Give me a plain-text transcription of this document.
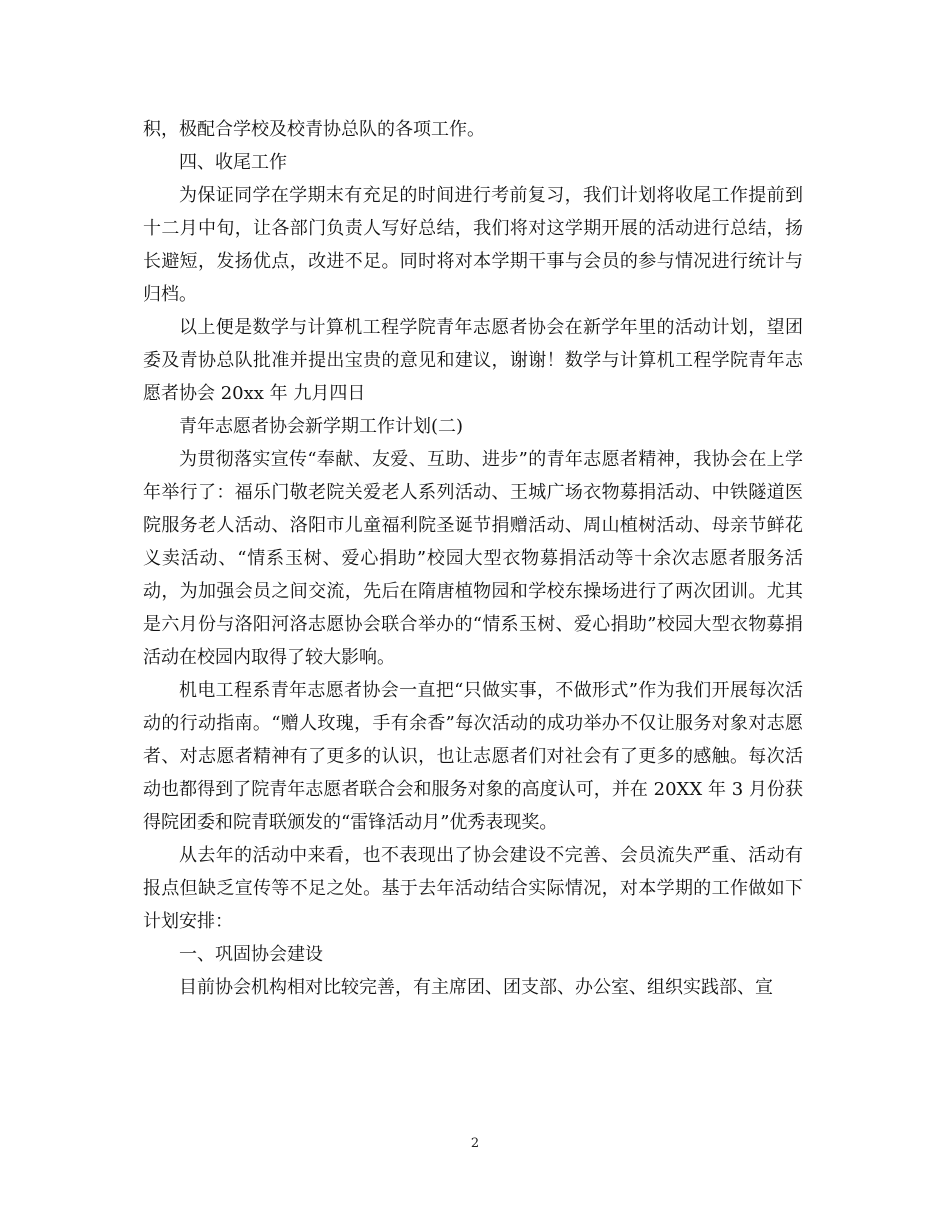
积，极配合学校及校青协总队的各项工作。

四、收尾工作

为保证同学在学期末有充足的时间进行考前复习，我们计划将收尾工作提前到十二月中旬，让各部门负责人写好总结，我们将对这学期开展的活动进行总结，扬长避短，发扬优点，改进不足。同时将对本学期干事与会员的参与情况进行统计与归档。

以上便是数学与计算机工程学院青年志愿者协会在新学年里的活动计划，望团委及青协总队批准并提出宝贵的意见和建议，谢谢！数学与计算机工程学院青年志愿者协会 20xx 年 九月四日

青年志愿者协会新学期工作计划(二)

为贯彻落实宣传“奉献、友爱、互助、进步”的青年志愿者精神，我协会在上学年举行了：福乐门敬老院关爱老人系列活动、王城广场衣物募捐活动、中铁隧道医院服务老人活动、洛阳市儿童福利院圣诞节捐赠活动、周山植树活动、母亲节鲜花义卖活动、“情系玉树、爱心捐助”校园大型衣物募捐活动等十余次志愿者服务活动，为加强会员之间交流，先后在隋唐植物园和学校东操场进行了两次团训。尤其是六月份与洛阳河洛志愿协会联合举办的“情系玉树、爱心捐助”校园大型衣物募捐活动在校园内取得了较大影响。

机电工程系青年志愿者协会一直把“只做实事，不做形式”作为我们开展每次活动的行动指南。“赠人玫瑰，手有余香”每次活动的成功举办不仅让服务对象对志愿者、对志愿者精神有了更多的认识，也让志愿者们对社会有了更多的感触。每次活动也都得到了院青年志愿者联合会和服务对象的高度认可，并在 20XX 年 3 月份获得院团委和院青联颁发的“雷锋活动月”优秀表现奖。

从去年的活动中来看，也不表现出了协会建设不完善、会员流失严重、活动有报点但缺乏宣传等不足之处。基于去年活动结合实际情况，对本学期的工作做如下计划安排：

一、巩固协会建设

目前协会机构相对比较完善，有主席团、团支部、办公室、组织实践部、宣

2
